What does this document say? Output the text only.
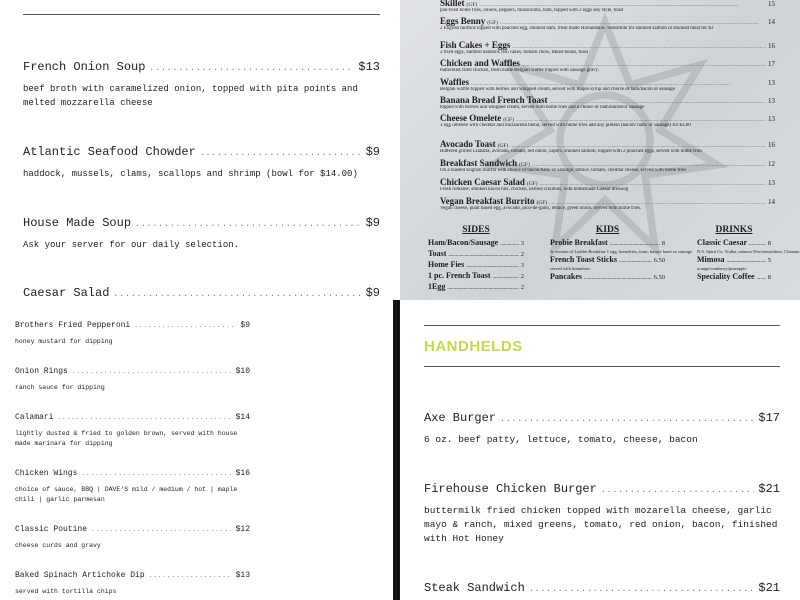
French Onion Soup .....	$13
beef broth with caramelized onion, topped with pita points and melted mozzarella cheese
Atlantic Seafood Chowder .....	$9
haddock, mussels, clams, scallops and shrimp (bowl for $14.00)
House Made Soup .....	$9
Ask your server for our daily selection.
Caesar Salad .....	$9
Skillet (GF) .....	15
pan-fried home fries, onions, peppers, mushrooms, ham, topped with 2 eggs any style, toast
Eggs Benny (GF) .....	14
2 English muffins topped with poached egg, smoked ham, fresh made Hollandaise. Substitute for smoked salmon or smoked meat for $3
Fish Cakes + Eggs .....	16
2 fried eggs, Sambro haddock fish cakes, tomato chow, baked beans, toast
Chicken and Waffles .....	17
buttermilk fried chicken, fresh made Belgian waffle topped with sausage gravy.
Waffles .....	13
Belgian waffle topped with berries and whipped cream, served with maple syrup and choice of ham/bacon or sausage
Banana Bread French Toast .....	13
topped with berries and whipped cream, served with home fries and a choice of ham/bacon/or sausage
Cheese Omelete (GF) .....	13
3 egg omelete with cheddar and mozzarella blend, served with home fries add any protein (bacon/ ham/ or sausage) for $3.00
Avocado Toast (GF) .....	16
Buttered grilled Ciabatta, avocado, tomato, red onion, capers, smoked salmon, topped with 2 poached eggs, served with home fries
Breakfast Sandwich (GF) .....	12
On a toasted English muffin with choice of bacon/ham/ or sausage, lettuce, tomato, cheddar cheese, served with home fries
Chicken Caesar Salad (GF) .....	13
Fresh romaine, smoked bacon bits, chicken, herbed croutons, with homemade Caesar dressing
Vegan Breakfast Burrito (GF) .....	14
Vegan cheese, plant based egg, avocado, pico-de-gallo, lettuce, green onion. Served with home fries.
SIDES
Ham/Bacon/Sausage .....	3
Toast .....	2
Home Fies .....	3
1 pc. French Toast .....	2
1Egg .....	2
KIDS
Probie Breakfast .....	8
Jr. version of Ladder Breakfast 1 egg, homefries, toast, bacon/ ham/ or sausage
French Toast Sticks .....	6.50
served with homefries
Pancakes .....	6.50
DRINKS
Classic Caesar .....	8
N.S. Spirit Co. Vodka, tabasco Worchestershire, Clamato
Mimosa .....	5
orange/cranberry/pineapple
Speciality Coffee ..... 8
Brothers Fried Pepperoni .....	$9
honey mustard for dipping
Onion Rings .....	$10
ranch sauce for dipping
Calamari .....	$14
lightly dusted & fried to golden brown, served with house made marinara for dipping
Chicken Wings .....	$16
choice of sauce, BBQ | DAVE'S mild / medium / hot | maple chili | garlic parmesan
Classic Poutine .....	$12
cheese curds and gravy
Baked Spinach Artichoke Dip .....	$13
served with tortilla chips
HANDHELDS
Axe Burger .....	$17
6 oz. beef patty, lettuce, tomato, cheese, bacon
Firehouse Chicken Burger .....	$21
buttermilk fried chicken topped with mozarella cheese, garlic mayo & ranch, mixed greens, tomato, red onion, bacon, finished with Hot Honey
Steak Sandwich .....	$21
